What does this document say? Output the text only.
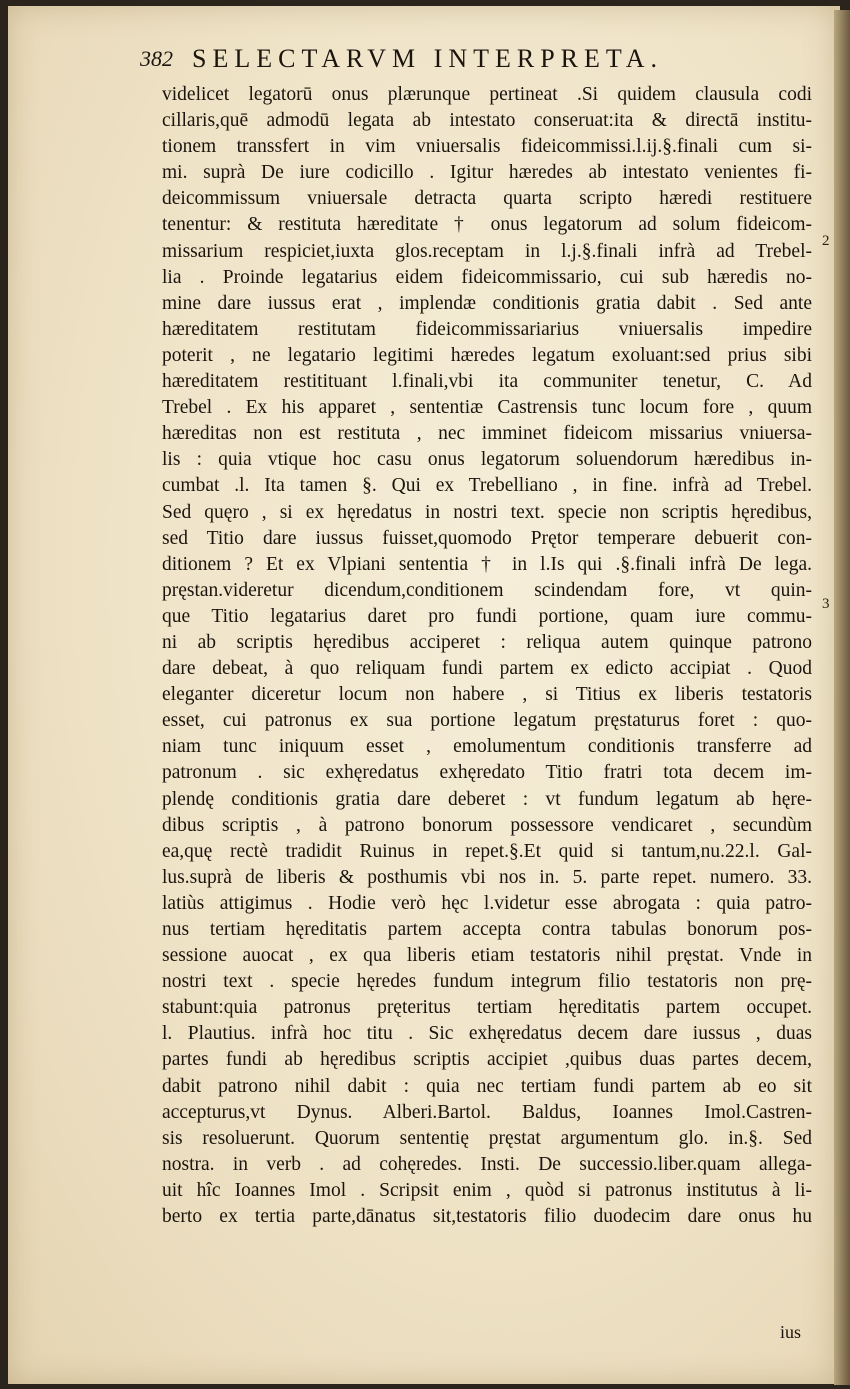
382 SELECTARVM INTERPRETA.
videlicet legatorū onus plærunque pertineat .Si quidem clausula codi
cillaris,quē admodū legata ab intestato conseruat:ita & directā institu-
tionem transsfert in vim vniuersalis fideicommissi.l.ij.§.finali cum si-
mi. suprà De iure codicillo . Igitur hæredes ab intestato venientes fi-
deicommissum vniuersale detracta quarta scripto hæredi restituere
tenentur: & restituta hæreditate † onus legatorum ad solum fideicom-
missarium respiciet,iuxta glos.receptam in l.j.§.finali infrà ad Trebel-
lia . Proinde legatarius eidem fideicommissario, cui sub hæredis no-
mine dare iussus erat , implendæ conditionis gratia dabit . Sed ante
hæreditatem restitutam fideicommissariarius vniuersalis impedire
poterit , ne legatario legitimi hæredes legatum exoluant:sed prius sibi
hæreditatem restitituant l.finali,vbi ita communiter tenetur, C. Ad
Trebel . Ex his apparet , sententiæ Castrensis tunc locum fore , quum
hæreditas non est restituta , nec imminet fideicom missarius vniuersa-
lis : quia vtique hoc casu onus legatorum soluendorum hæredibus in-
cumbat .l. Ita tamen §. Qui ex Trebelliano , in fine. infrà ad Trebel.
Sed quęro , si ex hęredatus in nostri text. specie non scriptis hęredibus,
sed Titio dare iussus fuisset,quomodo Prętor temperare debuerit con-
ditionem ? Et ex Vlpiani sententia † in l.Is qui .§.finali infrà De lega.
pręstan.videretur dicendum,conditionem scindendam fore, vt quin-
que Titio legatarius daret pro fundi portione, quam iure commu-
ni ab scriptis hęredibus acciperet : reliqua autem quinque patrono
dare debeat, à quo reliquam fundi partem ex edicto accipiat . Quod
eleganter diceretur locum non habere , si Titius ex liberis testatoris
esset, cui patronus ex sua portione legatum pręstaturus foret : quo-
niam tunc iniquum esset , emolumentum conditionis transferre ad
patronum . sic exhęredatus exhęredato Titio fratri tota decem im-
plendę conditionis gratia dare deberet : vt fundum legatum ab hęre-
dibus scriptis , à patrono bonorum possessore vendicaret , secundùm
ea,quę rectè tradidit Ruinus in repet.§.Et quid si tantum,nu.22.l. Gal-
lus.suprà de liberis & posthumis vbi nos in. 5. parte repet. numero. 33.
latiùs attigimus . Hodie verò hęc l.videtur esse abrogata : quia patro-
nus tertiam hęreditatis partem accepta contra tabulas bonorum pos-
sessione auocat , ex qua liberis etiam testatoris nihil pręstat. Vnde in
nostri text . specie hęredes fundum integrum filio testatoris non prę-
stabunt:quia patronus pręteritus tertiam hęreditatis partem occupet.
l. Plautius. infrà hoc titu . Sic exhęredatus decem dare iussus , duas
partes fundi ab hęredibus scriptis accipiet ,quibus duas partes decem,
dabit patrono nihil dabit : quia nec tertiam fundi partem ab eo sit
accepturus,vt Dynus. Alberi.Bartol. Baldus, Ioannes Imol.Castren-
sis resoluerunt. Quorum sententię pręstat argumentum glo. in.§. Sed
nostra. in verb . ad cohęredes. Insti. De successio.liber.quam allega-
uit hîc Ioannes Imol . Scripsit enim , quòd si patronus institutus à li-
berto ex tertia parte,dānatus sit,testatoris filio duodecim dare onus hu
2
3
ius
